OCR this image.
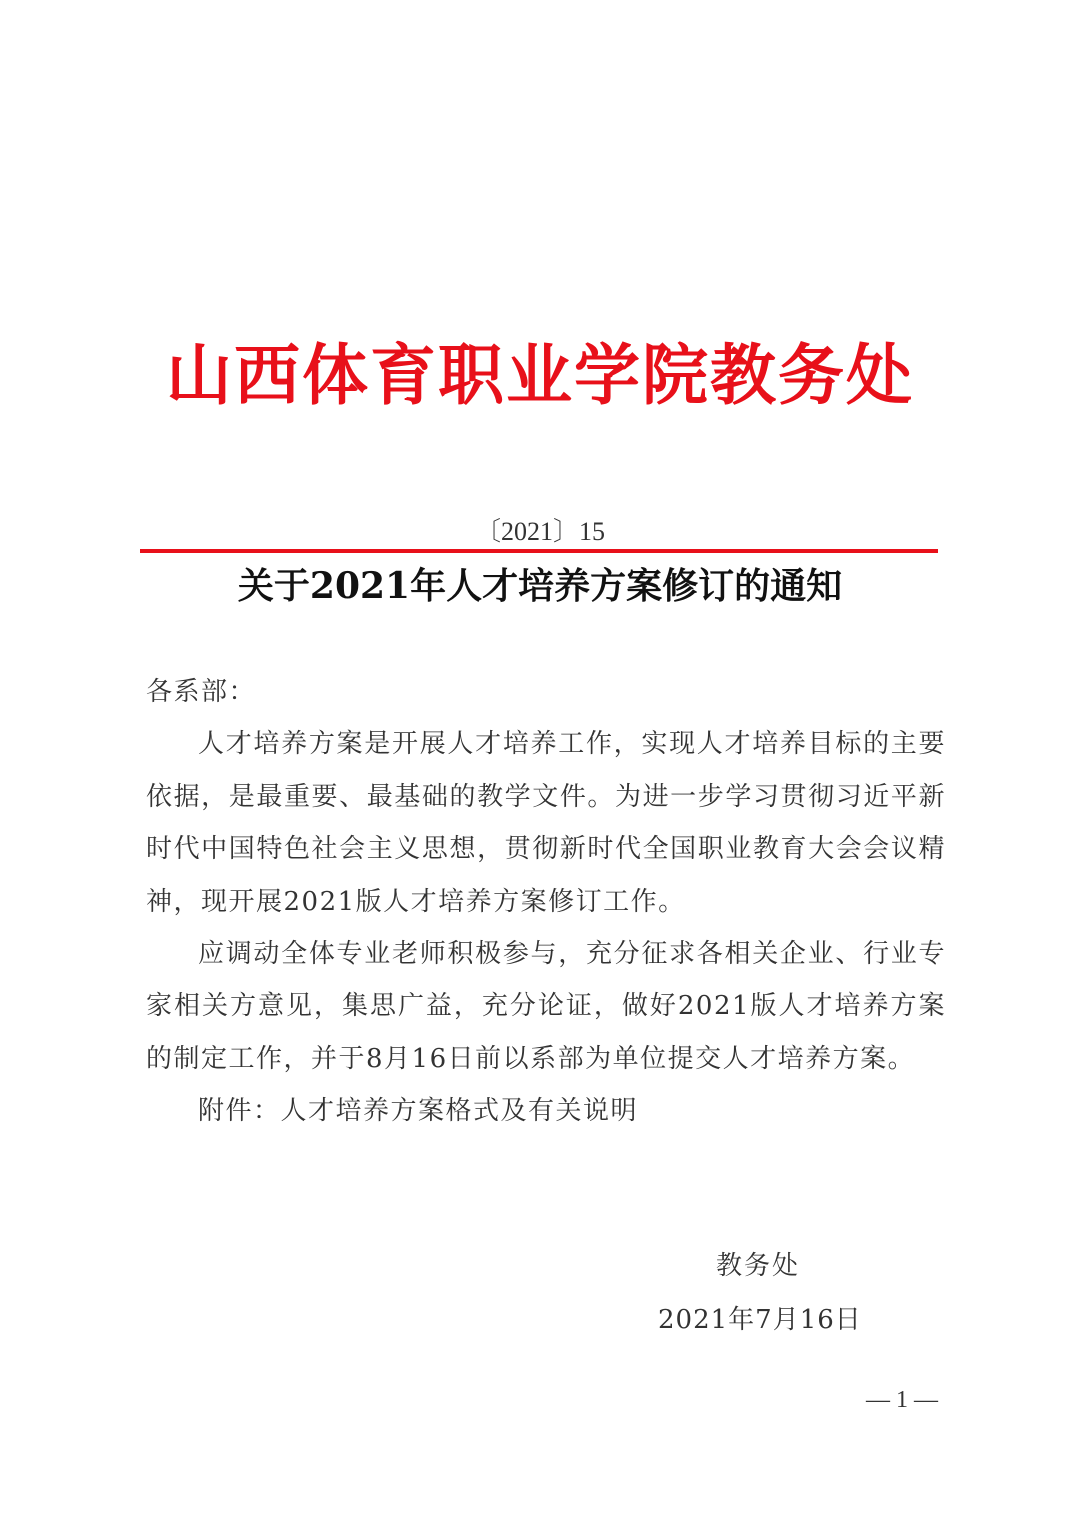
山西体育职业学院教务处
〔2021〕15
关于2021年人才培养方案修订的通知

各系部：

人才培养方案是开展人才培养工作，实现人才培养目标的主要依据，是最重要、最基础的教学文件。为进一步学习贯彻习近平新时代中国特色社会主义思想，贯彻新时代全国职业教育大会会议精神，现开展2021版人才培养方案修订工作。

应调动全体专业老师积极参与，充分征求各相关企业、行业专家相关方意见，集思广益，充分论证，做好2021版人才培养方案的制定工作，并于8月16日前以系部为单位提交人才培养方案。

附件：人才培养方案格式及有关说明

教务处
2021年7月16日
— 1 —
